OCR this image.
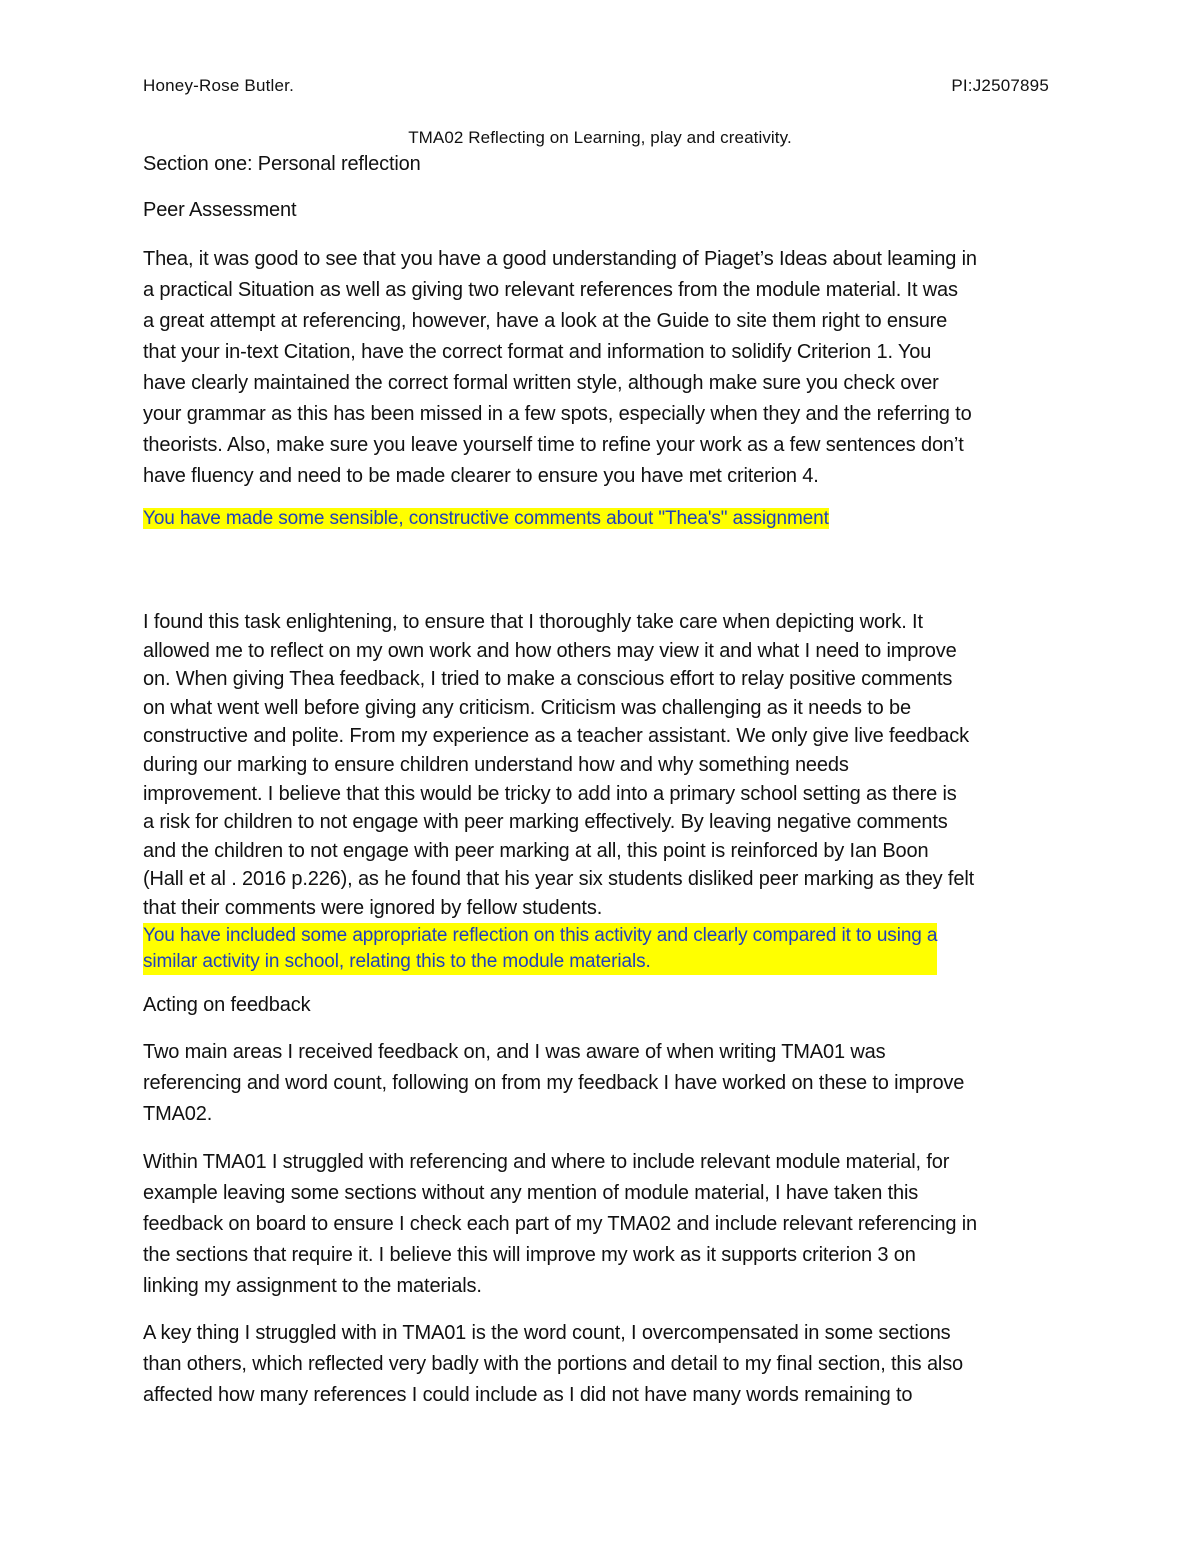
Honey-Rose Butler.	PI:J2507895
TMA02 Reflecting on Learning, play and creativity.
Section one: Personal reflection
Peer Assessment
Thea, it was good to see that you have a good understanding of Piaget’s Ideas about leaming in
a practical Situation as well as giving two relevant references from the module material. It was
a great attempt at referencing, however, have a look at the Guide to site them right to ensure
that your in-text Citation, have the correct format and information to solidify Criterion 1. You
have clearly maintained the correct formal written style, although make sure you check over
your grammar as this has been missed in a few spots, especially when they and the referring to
theorists. Also, make sure you leave yourself time to refine your work as a few sentences don’t
have fluency and need to be made clearer to ensure you have met criterion 4.
You have made some sensible, constructive comments about "Thea's" assignment
I found this task enlightening, to ensure that I thoroughly take care when depicting work. It
allowed me to reflect on my own work and how others may view it and what I need to improve
on. When giving Thea feedback, I tried to make a conscious effort to relay positive comments
on what went well before giving any criticism. Criticism was challenging as it needs to be
constructive and polite. From my experience as a teacher assistant. We only give live feedback
during our marking to ensure children understand how and why something needs
improvement. I believe that this would be tricky to add into a primary school setting as there is
a risk for children to not engage with peer marking effectively. By leaving negative comments
and the children to not engage with peer marking at all, this point is reinforced by Ian Boon
(Hall et al . 2016 p.226), as he found that his year six students disliked peer marking as they felt
that their comments were ignored by fellow students.
You have included some appropriate reflection on this activity and clearly compared it to using a
similar activity in school, relating this to the module materials.
Acting on feedback
Two main areas I received feedback on, and I was aware of when writing TMA01 was
referencing and word count, following on from my feedback I have worked on these to improve
TMA02.
Within TMA01 I struggled with referencing and where to include relevant module material, for
example leaving some sections without any mention of module material, I have taken this
feedback on board to ensure I check each part of my TMA02 and include relevant referencing in
the sections that require it. I believe this will improve my work as it supports criterion 3 on
linking my assignment to the materials.
A key thing I struggled with in TMA01 is the word count, I overcompensated in some sections
than others, which reflected very badly with the portions and detail to my final section, this also
affected how many references I could include as I did not have many words remaining to
